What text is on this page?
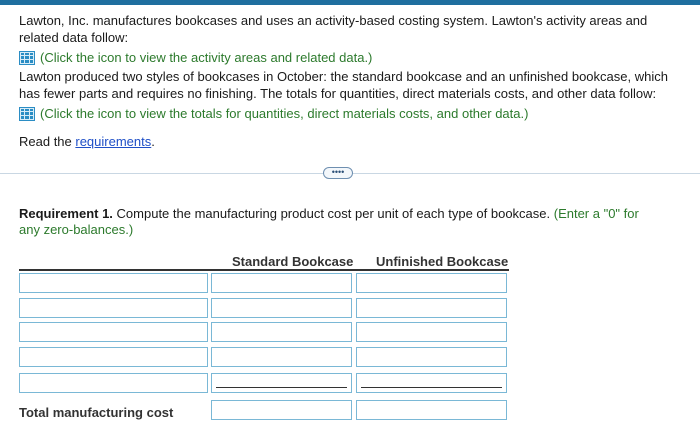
Lawton, Inc. manufactures bookcases and uses an activity-based costing system. Lawton's activity areas and related data follow:

(Click the icon to view the activity areas and related data.)

Lawton produced two styles of bookcases in October: the standard bookcase and an unfinished bookcase, which has fewer parts and requires no finishing. The totals for quantities, direct materials costs, and other data follow:

(Click the icon to view the totals for quantities, direct materials costs, and other data.)

Read the requirements.

••••
Requirement 1. Compute the manufacturing product cost per unit of each type of bookcase. (Enter a "0" for any zero-balances.)
Standard Bookcase Unfinished Bookcase
Total manufacturing cost
